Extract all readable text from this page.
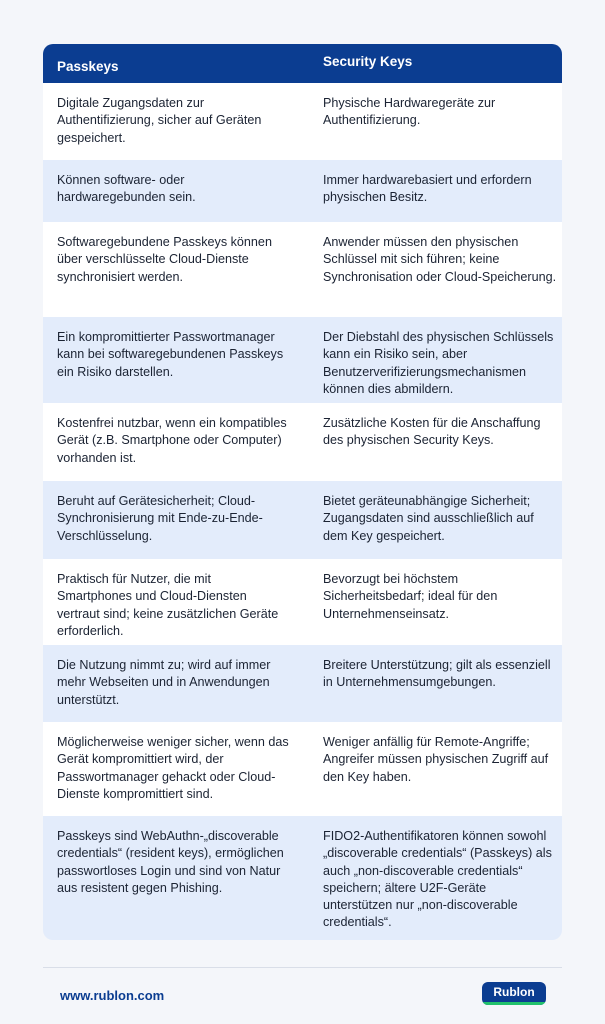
Passkeys	Security Keys
Digitale Zugangsdaten zur Authentifizierung, sicher auf Geräten gespeichert.
Physische Hardwaregeräte zur Authentifizierung.
Können software- oder hardwaregebunden sein.
Immer hardwarebasiert und erfordern physischen Besitz.
Softwaregebundene Passkeys können über verschlüsselte Cloud-Dienste synchronisiert werden.
Anwender müssen den physischen Schlüssel mit sich führen; keine Synchronisation oder Cloud-Speicherung.
Ein kompromittierter Passwortmanager kann bei softwaregebundenen Passkeys ein Risiko darstellen.
Der Diebstahl des physischen Schlüssels kann ein Risiko sein, aber Benutzerverifizierungsmechanismen können dies abmildern.
Kostenfrei nutzbar, wenn ein kompatibles Gerät (z.B. Smartphone oder Computer) vorhanden ist.
Zusätzliche Kosten für die Anschaffung des physischen Security Keys.
Beruht auf Gerätesicherheit; Cloud-Synchronisierung mit Ende-zu-Ende-Verschlüsselung.
Bietet geräteunabhängige Sicherheit; Zugangsdaten sind ausschließlich auf dem Key gespeichert.
Praktisch für Nutzer, die mit Smartphones und Cloud-Diensten vertraut sind; keine zusätzlichen Geräte erforderlich.
Bevorzugt bei höchstem Sicherheitsbedarf; ideal für den Unternehmenseinsatz.
Die Nutzung nimmt zu; wird auf immer mehr Webseiten und in Anwendungen unterstützt.
Breitere Unterstützung; gilt als essenziell in Unternehmensumgebungen.
Möglicherweise weniger sicher, wenn das Gerät kompromittiert wird, der Passwortmanager gehackt oder Cloud-Dienste kompromittiert sind.
Weniger anfällig für Remote-Angriffe; Angreifer müssen physischen Zugriff auf den Key haben.
Passkeys sind WebAuthn-„discoverable credentials“ (resident keys), ermöglichen passwortloses Login und sind von Natur aus resistent gegen Phishing.
FIDO2-Authentifikatoren können sowohl „discoverable credentials“ (Passkeys) als auch „non-discoverable credentials“ speichern; ältere U2F-Geräte unterstützen nur „non-discoverable credentials“.
www.rublon.com	Rublon
